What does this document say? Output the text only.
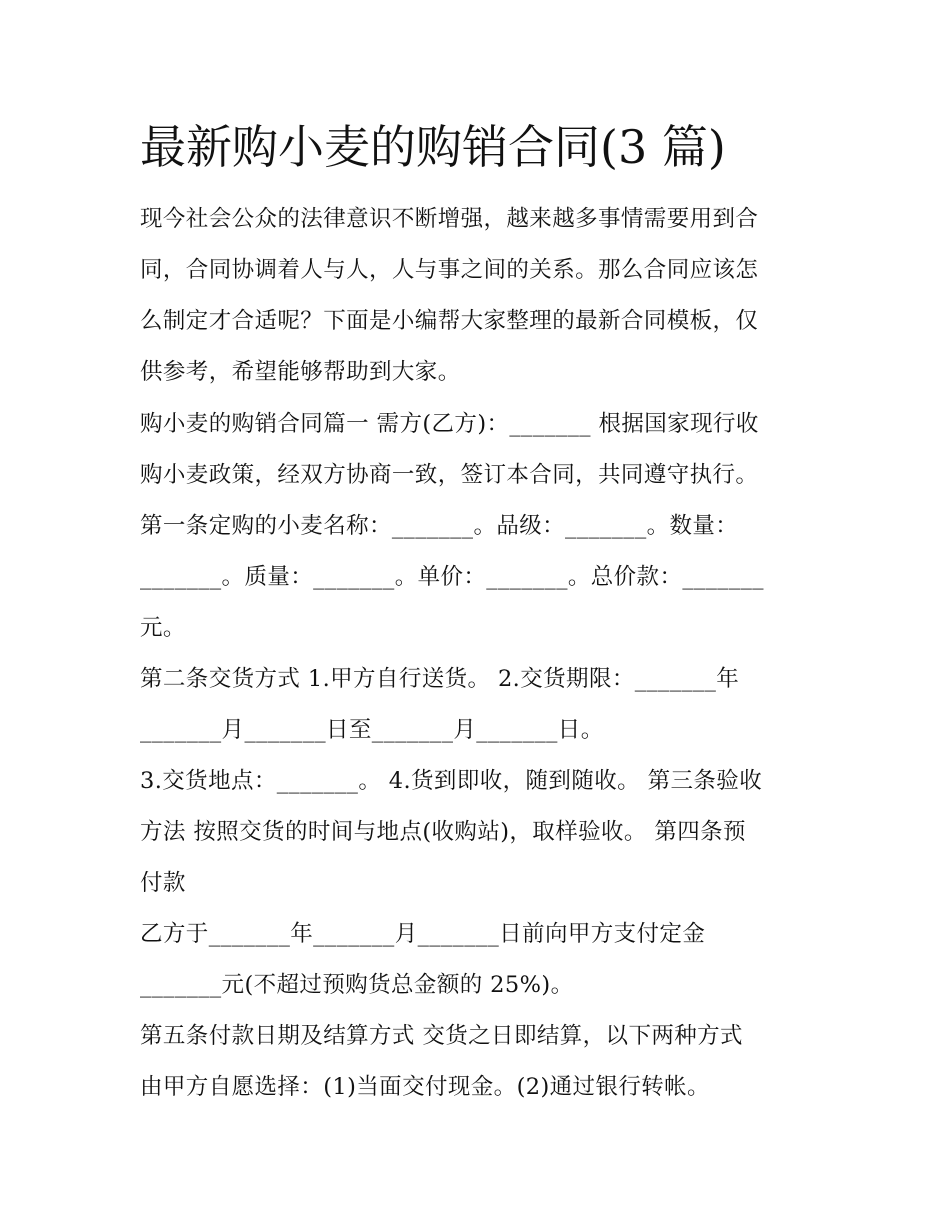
最新购小麦的购销合同(3 篇)

现今社会公众的法律意识不断增强，越来越多事情需要用到合

同，合同协调着人与人，人与事之间的关系。那么合同应该怎

么制定才合适呢？下面是小编帮大家整理的最新合同模板，仅

供参考，希望能够帮助到大家。

购小麦的购销合同篇一 需方(乙方)：_______ 根据国家现行收

购小麦政策，经双方协商一致，签订本合同，共同遵守执行。

第一条定购的小麦名称：_______。品级：_______。数量：

_______。质量：_______。单价：_______。总价款：_______

元。

第二条交货方式 1.甲方自行送货。 2.交货期限：_______年

_______月_______日至_______月_______日。

3.交货地点：_______。 4.货到即收，随到随收。 第三条验收

方法 按照交货的时间与地点(收购站)，取样验收。 第四条预

付款

乙方于_______年_______月_______日前向甲方支付定金

_______元(不超过预购货总金额的 25%)。

第五条付款日期及结算方式 交货之日即结算，以下两种方式

由甲方自愿选择：(1)当面交付现金。(2)通过银行转帐。
